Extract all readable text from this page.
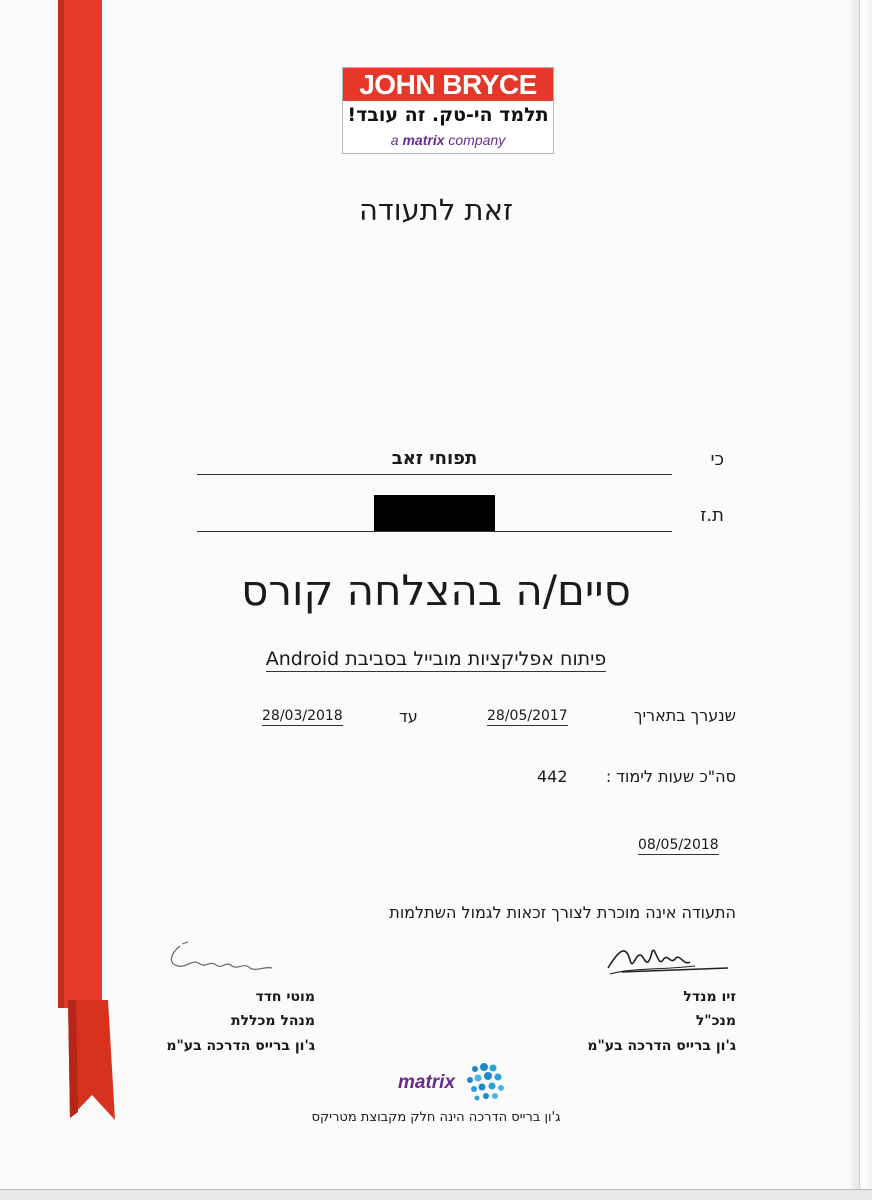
JOHN BRYCE
תלמד הי-טק. זה עובד!
a matrix company
זאת לתעודה
כי
תפוחי זאב
ת.ז
סיים/ה בהצלחה קורס
פיתוח אפליקציות מובייל בסביבת Android
שנערך בתאריך
28/05/2017
עד
28/03/2018
סה"כ שעות לימוד :
442
08/05/2018
התעודה אינה מוכרת לצורך זכאות לגמול השתלמות
זיו מנדל
מנכ"ל
ג'ון ברייס הדרכה בע"מ
מוטי חדד
מנהל מכללת
ג'ון ברייס הדרכה בע"מ
matrix
ג'ון ברייס הדרכה הינה חלק מקבוצת מטריקס
